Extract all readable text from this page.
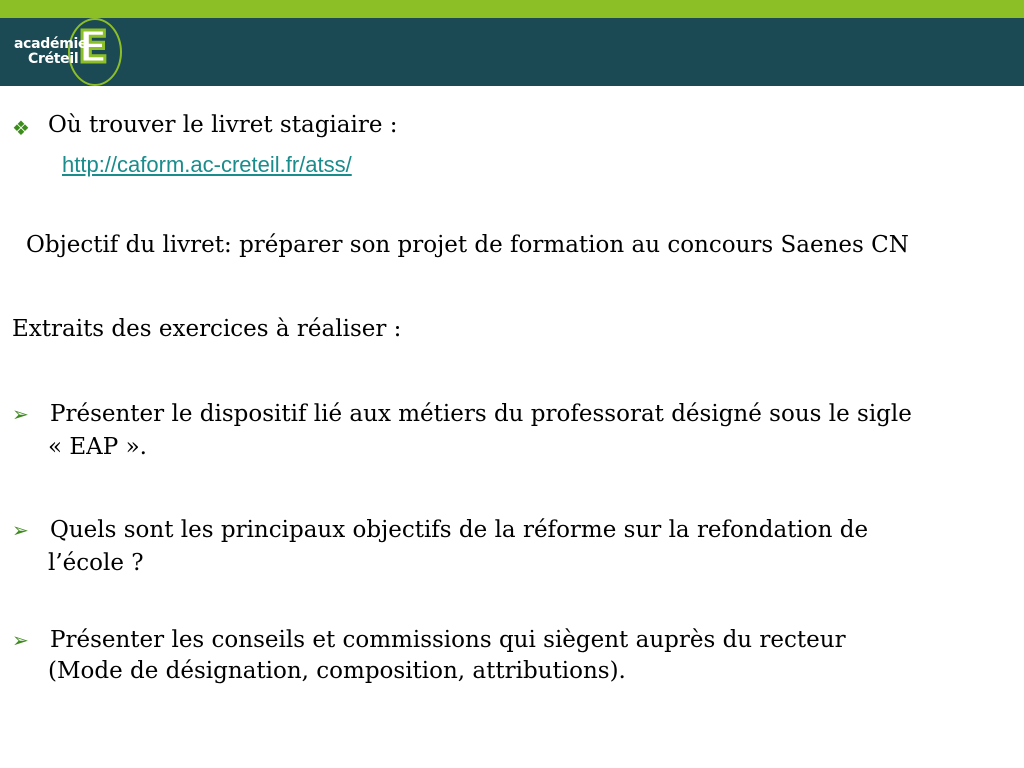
❦
E
académie
Créteil
❖ Où trouver le livret stagiaire :
http://caform.ac-creteil.fr/atss/
Objectif du livret: préparer son projet de formation au concours Saenes CN
Extraits des exercices à réaliser :
➢ Présenter le dispositif lié aux métiers du professorat désigné sous le sigle
« EAP ».
➢ Quels sont les principaux objectifs de la réforme sur la refondation de
l’école ?
➢ Présenter les conseils et commissions qui siègent auprès du recteur
(Mode de désignation, composition, attributions).
